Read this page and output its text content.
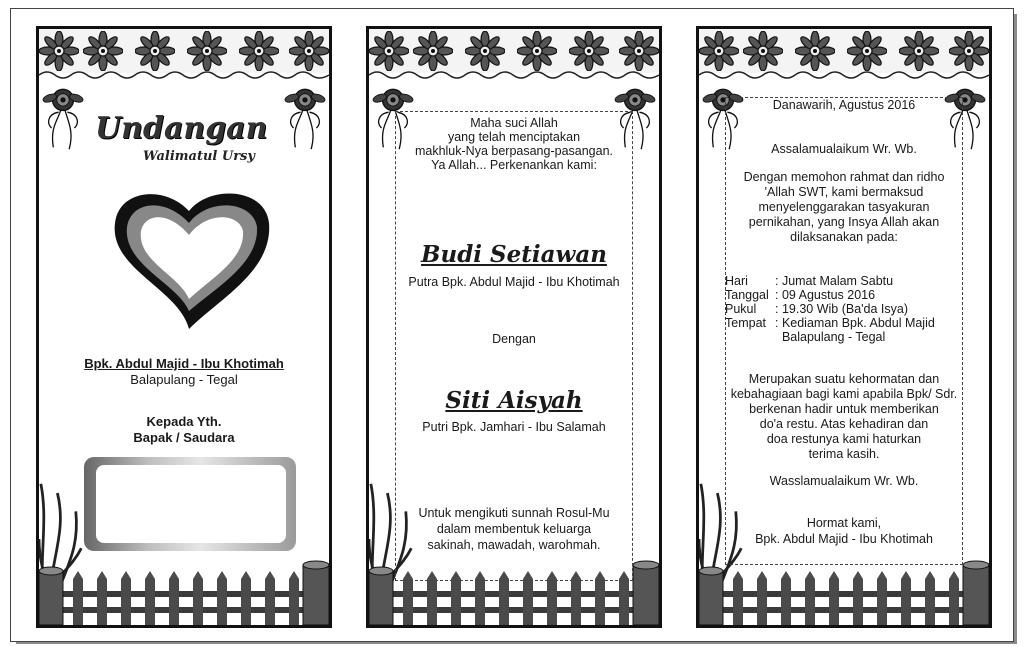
Undangan
Walimatul Ursy
Bpk. Abdul Majid - Ibu Khotimah
Balapulang - Tegal
Kepada Yth.
Bapak / Saudara
Maha suci Allah
yang telah menciptakan
makhluk-Nya berpasang-pasangan.
Ya Allah... Perkenankan kami:
Budi Setiawan
Putra Bpk. Abdul Majid - Ibu Khotimah
Dengan
Siti Aisyah
Putri Bpk. Jamhari - Ibu Salamah
Untuk mengikuti sunnah Rosul-Mu
dalam membentuk keluarga
sakinah, mawadah, warohmah.
Danawarih, Agustus 2016
Assalamualaikum Wr. Wb.
Dengan memohon rahmat dan ridho
'Allah SWT, kami bermaksud
menyelenggarakan tasyakuran
pernikahan, yang Insya Allah akan
dilaksanakan pada:
Hari	: Jumat Malam Sabtu
Tanggal : 09 Agustus 2016
Pukul	: 19.30 Wib (Ba'da Isya)
Tempat : Kediaman Bpk. Abdul Majid
Balapulang - Tegal
Merupakan suatu kehormatan dan
kebahagiaan bagi kami apabila Bpk/ Sdr.
berkenan hadir untuk memberikan
do'a restu. Atas kehadiran dan
doa restunya kami haturkan
terima kasih.
Wasslamualaikum Wr. Wb.
Hormat kami,
Bpk. Abdul Majid - Ibu Khotimah
